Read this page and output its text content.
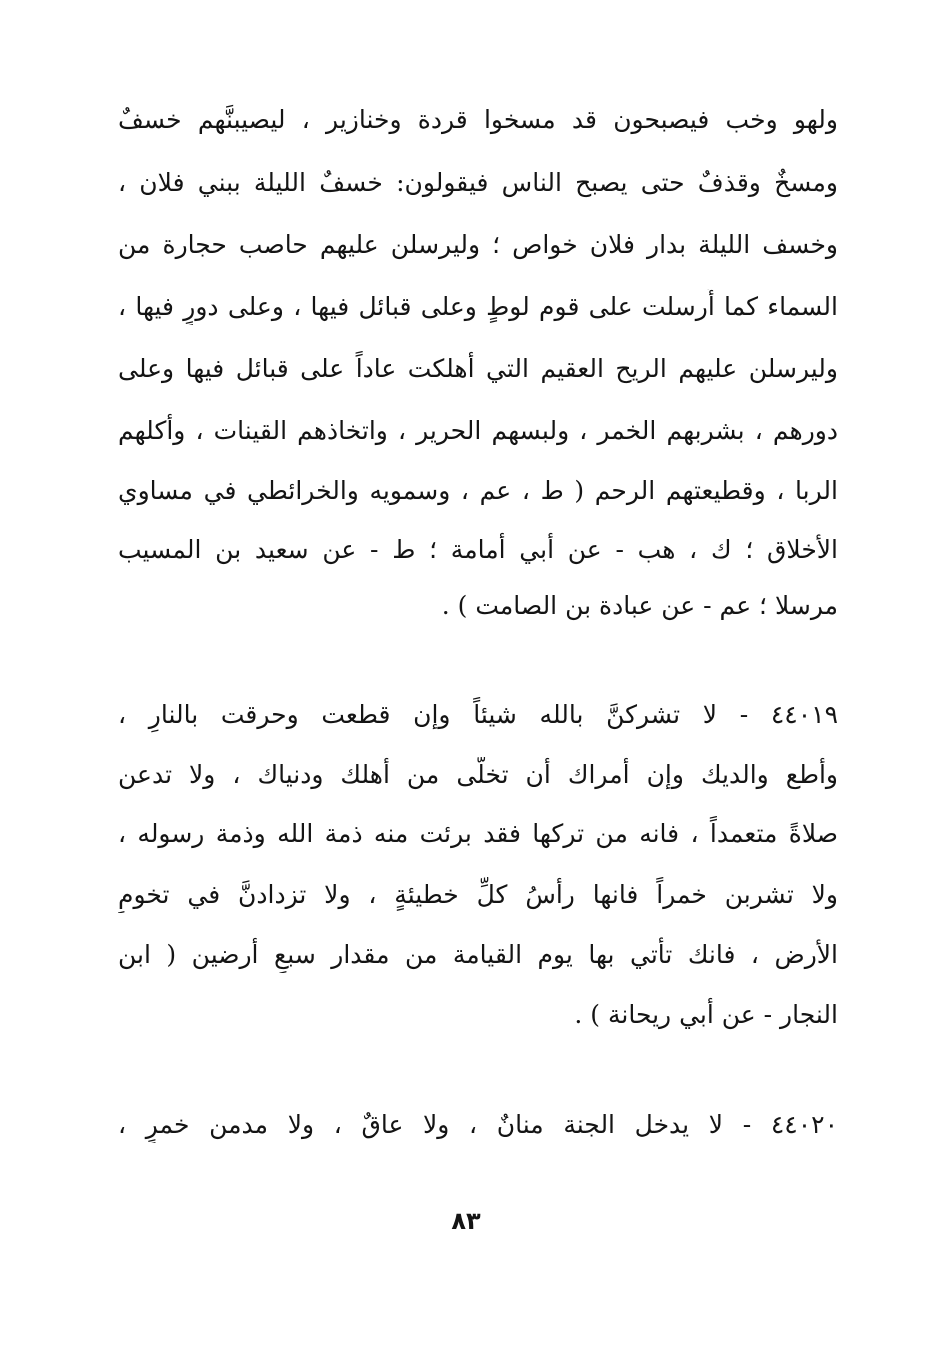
ولهو وخب فيصبحون قد مسخوا قردة وخنازير ، ليصيبنَّهم خسفٌ
ومسخٌ وقذفٌ حتى يصبح الناس فيقولون: خسفٌ الليلة ببني فلان ،
وخسف الليلة بدار فلان خواص ؛ وليرسلن عليهم حاصب حجارة من
السماء كما أُرسلت على قوم لوطٍ وعلى قبائل فيها ، وعلى دورٍ فيها ،
وليرسلن عليهم الريح العقيم التي أهلكت عاداً على قبائل فيها وعلى
دورهم ، بشربهم الخمر ، ولبسهم الحرير ، واتخاذهم القينات ، وأكلهم
الربا ، وقطيعتهم الرحم ( ط ، عم ، وسمويه والخرائطي في مساوي
الأخلاق ؛ ك ، هب - عن أبي أمامة ؛ ط - عن سعيد بن المسيب
مرسلا ؛ عم - عن عبادة بن الصامت ) .
٤٤٠١٩ - لا تشركنَّ بالله شيئاً وإن قطعت وحرقت بالنارِ ،
وأطع والديك وإن أمراك أن تخلَّى من أهلك ودنياك ، ولا تدعن
صلاةً متعمداً ، فانه من تركها فقد برئت منه ذمة الله وذمة رسوله ،
ولا تشربن خمراً فانها رأسُ كلِّ خطيئةٍ ، ولا تزدادنَّ في تخومِ
الأرض ، فانك تأتي بها يوم القيامة من مقدار سبعِ أرضين ( ابن
النجار - عن أبي ريحانة ) .
٤٤٠٢٠ - لا يدخل الجنة منانٌ ، ولا عاقٌ ، ولا مدمن خمرٍ ،
٨٣
